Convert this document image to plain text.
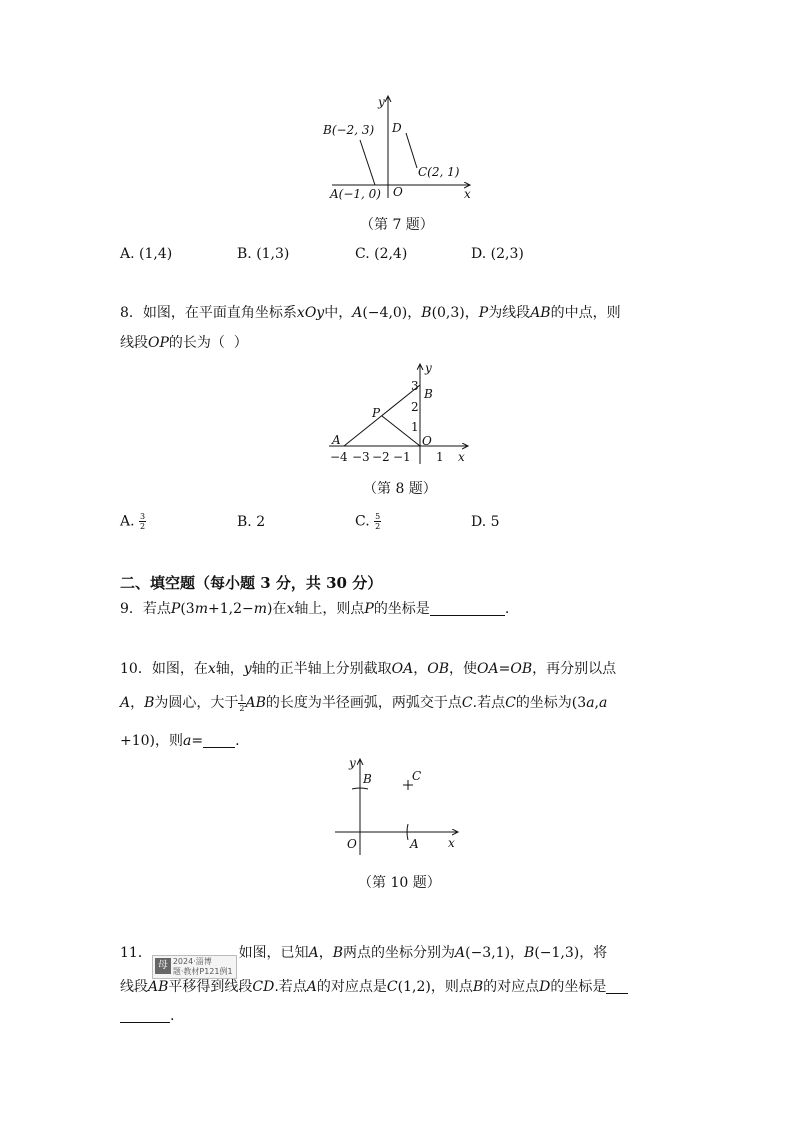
B(−2, 3) D
C(2, 1)
A(−1, 0) O	x
y
（第 7 题）
A. (1,4)	B. (1,3)	C. (2,4)	D. (2,3)
8．如图，在平面直角坐标系xOy中，A(−4,0)，B(0,3)，P为线段AB的中点，则
线段OP的长为（  ）
−4 −3 −2 −1 1
1
2
3
A
B
P
O
x
y
（第 8 题）
A. $\frac{3}{2}$	B. 2	C. $\frac{5}{2}$	D. 5
二、填空题（每小题 3 分，共 30 分）
9．若点P(3m+1,2−m)在x轴上，则点P的坐标是	.
10．如图，在x轴，y轴的正半轴上分别截取OA，OB，使OA=OB，再分别以点
A，B为圆心，大于 $\frac{1}{2}$ AB的长度为半径画弧，两弧交于点C.若点C的坐标为(3a,a
+10)，则a= .
y
B	C
O	A x
（第 10 题）
11．母 2024·淄博
题·教材P121例1
如图，已知A，B两点的坐标分别为A(−3,1)，B(−1,3)，将
线段AB平移得到线段CD.若点A的对应点是C(1,2)，则点B的对应点D的坐标是
.
